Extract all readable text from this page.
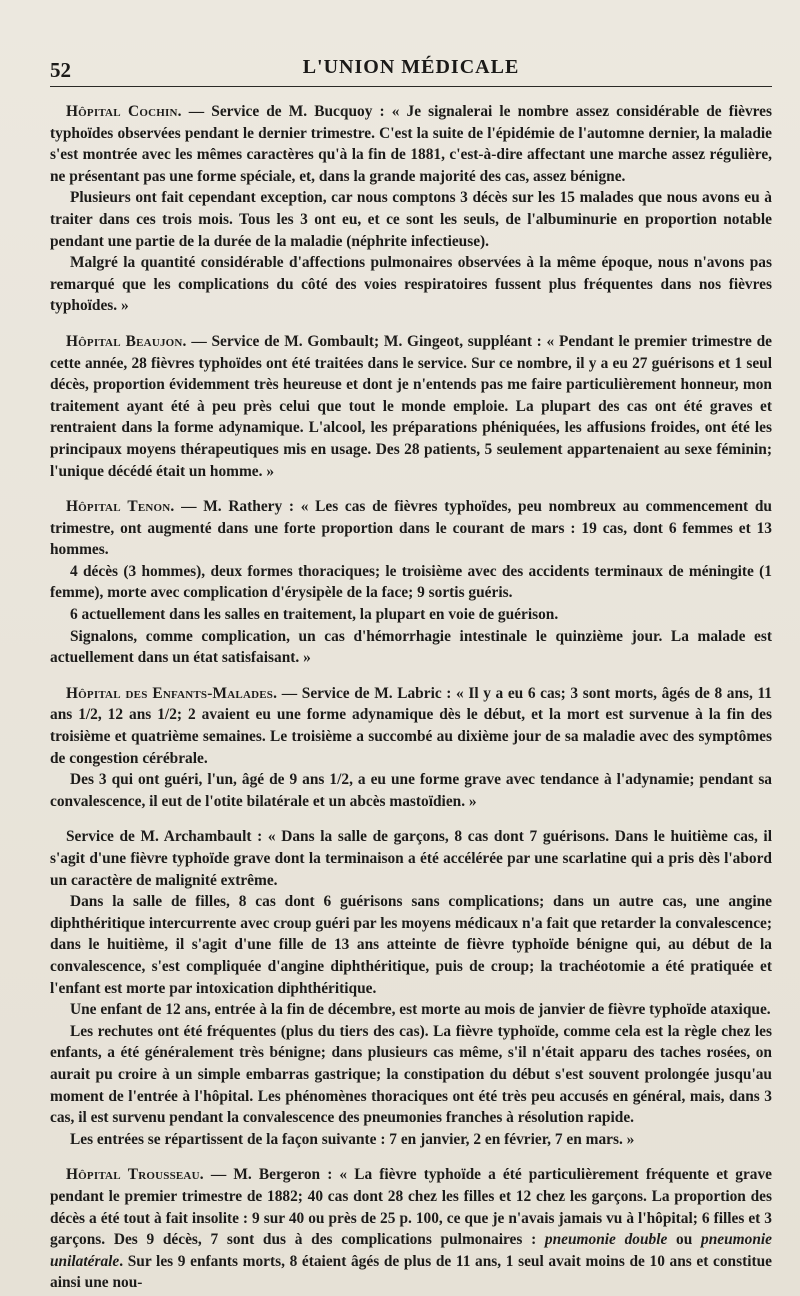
52	L'UNION MÉDICALE

Hôpital Cochin. — Service de M. Bucquoy : « Je signalerai le nombre assez considérable de fièvres typhoïdes observées pendant le dernier trimestre. C'est la suite de l'épidémie de l'automne dernier, la maladie s'est montrée avec les mêmes caractères qu'à la fin de 1881, c'est-à-dire affectant une marche assez régulière, ne présentant pas une forme spéciale, et, dans la grande majorité des cas, assez bénigne.

Plusieurs ont fait cependant exception, car nous comptons 3 décès sur les 15 malades que nous avons eu à traiter dans ces trois mois. Tous les 3 ont eu, et ce sont les seuls, de l'albuminurie en proportion notable pendant une partie de la durée de la maladie (néphrite infectieuse).

Malgré la quantité considérable d'affections pulmonaires observées à la même époque, nous n'avons pas remarqué que les complications du côté des voies respiratoires fussent plus fréquentes dans nos fièvres typhoïdes. »

Hôpital Beaujon. — Service de M. Gombault; M. Gingeot, suppléant : « Pendant le premier trimestre de cette année, 28 fièvres typhoïdes ont été traitées dans le service. Sur ce nombre, il y a eu 27 guérisons et 1 seul décès, proportion évidemment très heureuse et dont je n'entends pas me faire particulièrement honneur, mon traitement ayant été à peu près celui que tout le monde emploie. La plupart des cas ont été graves et rentraient dans la forme adynamique. L'alcool, les préparations phéniquées, les affusions froides, ont été les principaux moyens thérapeutiques mis en usage. Des 28 patients, 5 seulement appartenaient au sexe féminin; l'unique décédé était un homme. »

Hôpital Tenon. — M. Rathery : « Les cas de fièvres typhoïdes, peu nombreux au commencement du trimestre, ont augmenté dans une forte proportion dans le courant de mars : 19 cas, dont 6 femmes et 13 hommes.

4 décès (3 hommes), deux formes thoraciques; le troisième avec des accidents terminaux de méningite (1 femme), morte avec complication d'érysipèle de la face; 9 sortis guéris.

6 actuellement dans les salles en traitement, la plupart en voie de guérison.

Signalons, comme complication, un cas d'hémorrhagie intestinale le quinzième jour. La malade est actuellement dans un état satisfaisant. »

Hôpital des Enfants-Malades. — Service de M. Labric : « Il y a eu 6 cas; 3 sont morts, âgés de 8 ans, 11 ans 1/2, 12 ans 1/2; 2 avaient eu une forme adynamique dès le début, et la mort est survenue à la fin des troisième et quatrième semaines. Le troisième a succombé au dixième jour de sa maladie avec des symptômes de congestion cérébrale.

Des 3 qui ont guéri, l'un, âgé de 9 ans 1/2, a eu une forme grave avec tendance à l'adynamie; pendant sa convalescence, il eut de l'otite bilatérale et un abcès mastoïdien. »

Service de M. Archambault : « Dans la salle de garçons, 8 cas dont 7 guérisons. Dans le huitième cas, il s'agit d'une fièvre typhoïde grave dont la terminaison a été accélérée par une scarlatine qui a pris dès l'abord un caractère de malignité extrême.

Dans la salle de filles, 8 cas dont 6 guérisons sans complications; dans un autre cas, une angine diphthéritique intercurrente avec croup guéri par les moyens médicaux n'a fait que retarder la convalescence; dans le huitième, il s'agit d'une fille de 13 ans atteinte de fièvre typhoïde bénigne qui, au début de la convalescence, s'est compliquée d'angine diphthéritique, puis de croup; la trachéotomie a été pratiquée et l'enfant est morte par intoxication diphthéritique.

Une enfant de 12 ans, entrée à la fin de décembre, est morte au mois de janvier de fièvre typhoïde ataxique.

Les rechutes ont été fréquentes (plus du tiers des cas). La fièvre typhoïde, comme cela est la règle chez les enfants, a été généralement très bénigne; dans plusieurs cas même, s'il n'était apparu des taches rosées, on aurait pu croire à un simple embarras gastrique; la constipation du début s'est souvent prolongée jusqu'au moment de l'entrée à l'hôpital. Les phénomènes thoraciques ont été très peu accusés en général, mais, dans 3 cas, il est survenu pendant la convalescence des pneumonies franches à résolution rapide.

Les entrées se répartissent de la façon suivante : 7 en janvier, 2 en février, 7 en mars. »

Hôpital Trousseau. — M. Bergeron : « La fièvre typhoïde a été particulièrement fréquente et grave pendant le premier trimestre de 1882; 40 cas dont 28 chez les filles et 12 chez les garçons. La proportion des décès a été tout à fait insolite : 9 sur 40 ou près de 25 p. 100, ce que je n'avais jamais vu à l'hôpital; 6 filles et 3 garçons. Des 9 décès, 7 sont dus à des complications pulmonaires : pneumonie double ou pneumonie unilatérale. Sur les 9 enfants morts, 8 étaient âgés de plus de 11 ans, 1 seul avait moins de 10 ans et constitue ainsi une nou-
